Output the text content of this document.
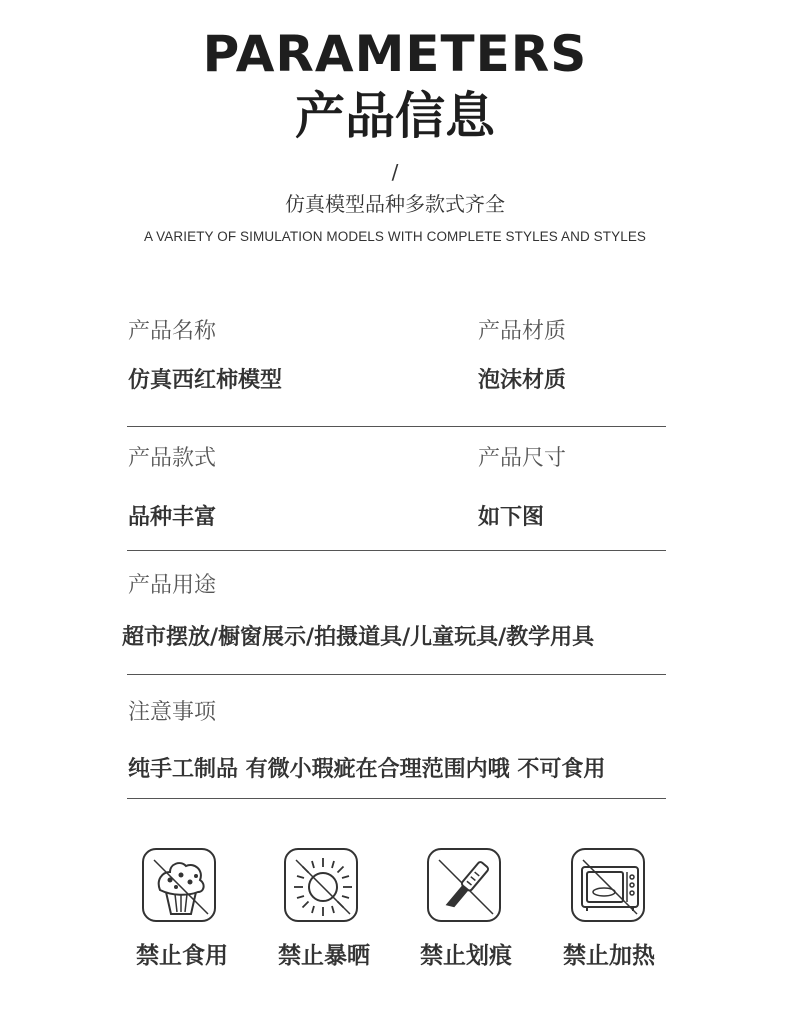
PARAMETERS
产品信息
/
仿真模型品种多款式齐全
A VARIETY OF SIMULATION MODELS WITH COMPLETE STYLES AND STYLES
产品名称	产品材质
仿真西红柿模型	泡沫材质
产品款式	产品尺寸
品种丰富	如下图
产品用途
超市摆放/橱窗展示/拍摄道具/儿童玩具/教学用具
注意事项
纯手工制品 有微小瑕疵在合理范围内哦 不可食用
禁止食用	禁止暴晒	禁止划痕	禁止加热
